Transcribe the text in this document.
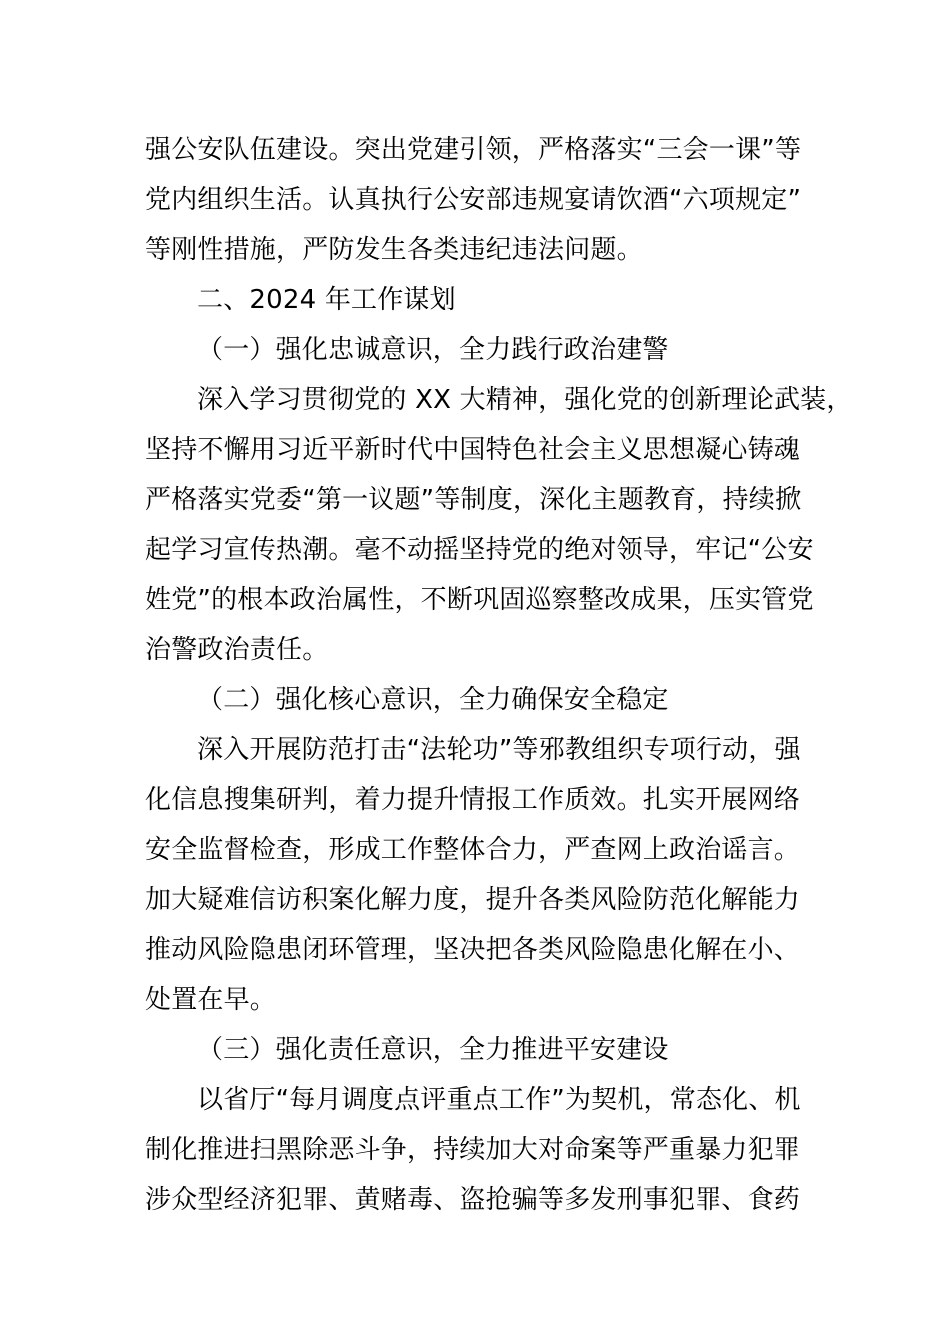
强公安队伍建设。突出党建引领，严格落实“三会一课”等
党内组织生活。认真执行公安部违规宴请饮酒“六项规定”
等刚性措施，严防发生各类违纪违法问题。
二、2024 年工作谋划
（一）强化忠诚意识，全力践行政治建警
深入学习贯彻党的 XX 大精神，强化党的创新理论武装，
坚持不懈用习近平新时代中国特色社会主义思想凝心铸魂
严格落实党委“第一议题”等制度，深化主题教育，持续掀
起学习宣传热潮。毫不动摇坚持党的绝对领导，牢记“公安
姓党”的根本政治属性，不断巩固巡察整改成果，压实管党
治警政治责任。
（二）强化核心意识，全力确保安全稳定
深入开展防范打击“法轮功”等邪教组织专项行动，强
化信息搜集研判，着力提升情报工作质效。扎实开展网络
安全监督检查，形成工作整体合力，严查网上政治谣言。
加大疑难信访积案化解力度，提升各类风险防范化解能力
推动风险隐患闭环管理，坚决把各类风险隐患化解在小、
处置在早。
（三）强化责任意识，全力推进平安建设
以省厅“每月调度点评重点工作”为契机，常态化、机
制化推进扫黑除恶斗争，持续加大对命案等严重暴力犯罪
涉众型经济犯罪、黄赌毒、盗抢骗等多发刑事犯罪、食药
